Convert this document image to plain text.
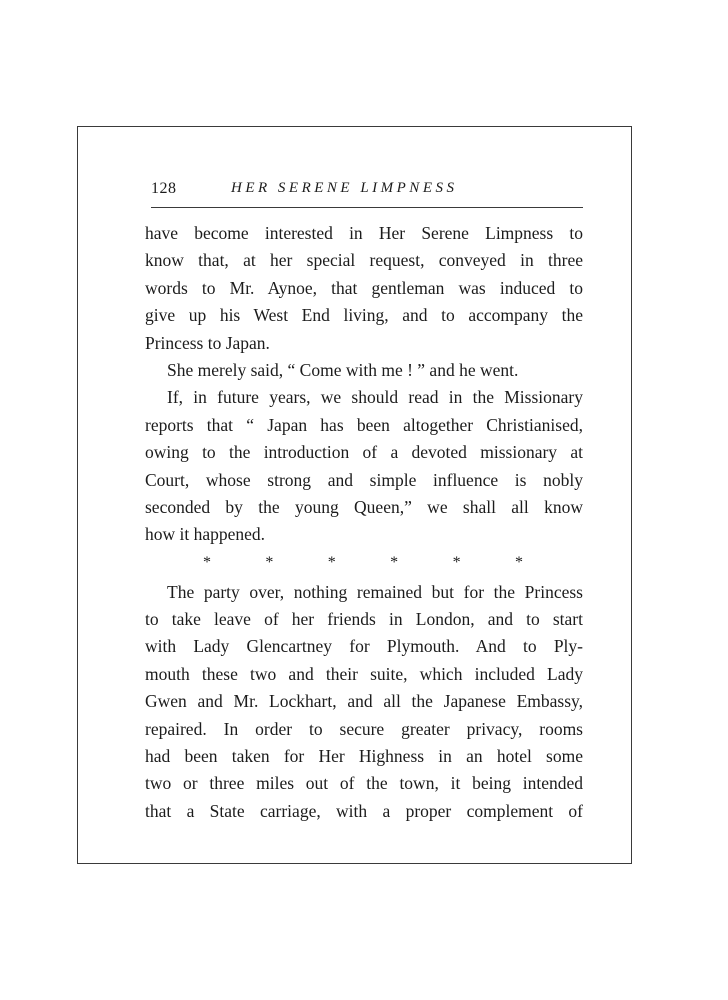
128	HER SERENE LIMPNESS
have become interested in Her Serene Limpness to
know that, at her special request, conveyed in three
words to Mr. Aynoe, that gentleman was induced to
give up his West End living, and to accompany the
Princess to Japan.
She merely said, “ Come with me ! ” and he went.
If, in future years, we should read in the Missionary
reports that “ Japan has been altogether Christianised,
owing to the introduction of a devoted missionary at
Court, whose strong and simple influence is nobly
seconded by the young Queen,” we shall all know
how it happened.
*	*	*	*	*	*
The party over, nothing remained but for the Princess
to take leave of her friends in London, and to start
with Lady Glencartney for Plymouth. And to Ply-
mouth these two and their suite, which included Lady
Gwen and Mr. Lockhart, and all the Japanese Embassy,
repaired. In order to secure greater privacy, rooms
had been taken for Her Highness in an hotel some
two or three miles out of the town, it being intended
that a State carriage, with a proper complement of
